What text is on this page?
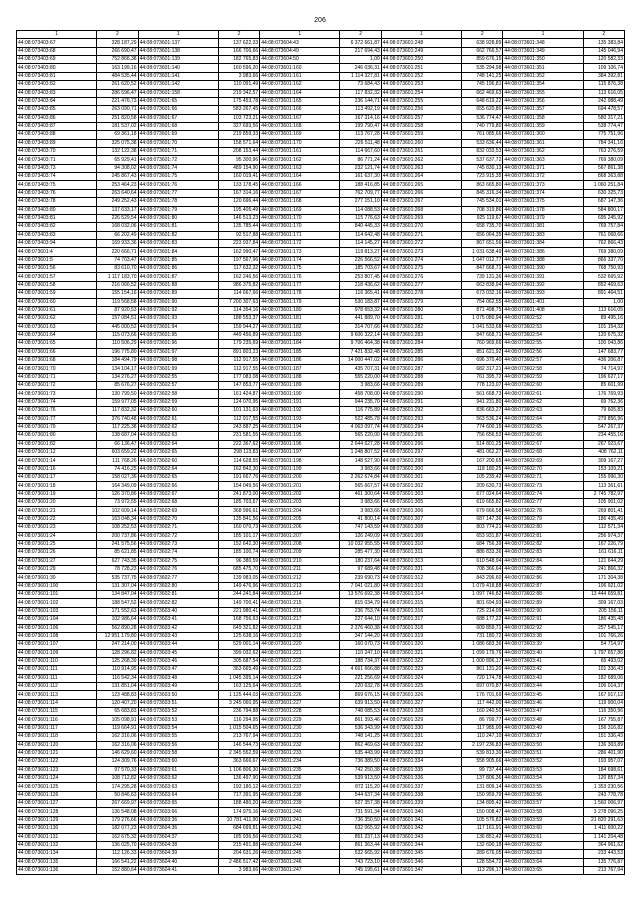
206
1	2	1	2	1	2	1	2	1	2
44:08:073403:67	328 187,29	44:08:073601:137	137 622,33	44:08:073604:43	6 372 661,87	44:08:073601:248	638 928,89	44:08:073601:348	135 383,84
44:08:073403:68	266 690,47	44:08:073601:138	166 706,66	44:08:073604:49	217 694,43	44:08:073601:249	662 766,57	44:08:073601:349	145 046,94
44:08:073403:69	752 866,38	44:08:073601:139	182 765,83	44:08:073604:50	1,00	44:08:073601:250	859 676,15	44:08:073601:350	120 582,33
44:08:073403:80	163 199,16	44:08:073601:140	160 596,20	44:08:073601:160	246 036,31	44:08:073601:251	535 294,98	44:08:073601:351	109 106,74
44:08:073403:81	484 535,44	44:08:073601:141	3 983,66	44:08:073601:161	1 114 327,81	44:08:073601:252	748 141,25	44:08:073601:352	384 392,81
44:08:073403:82	261 620,52	44:08:073601:142	110 091,49	44:08:073601:162	73 684,43	44:08:073601:253	745 196,81	44:08:073601:354	115 876,38
44:08:073403:83	286 596,47	44:08:073601:158	219 342,57	44:08:073601:164	117 832,32	44:08:073601:254	662 469,63	44:08:073601:355	113 616,05
44:08:073403:84	221 476,73	44:08:073601:65	175 453,78	44:08:073601:165	236 144,71	44:08:073601:255	648 619,22	44:08:073601:356	242 988,49
44:08:073403:85	263 090,71	44:08:073601:66	583 267,45	44:08:073601:166	113 492,19	44:08:073601:256	655 620,80	44:08:073601:357	694 478,57
44:08:073403:86	251 820,58	44:08:073601:67	103 723,21	44:08:073601:167	167 314,16	44:08:073601:257	536 774,47	44:08:073601:358	580 317,21
44:08:073403:87	181 537,02	44:08:073601:68	327 693,56	44:08:073601:168	199 790,47	44:08:073601:258	740 779,80	44:08:073601:359	538 774,47
44:08:073403:88	69 361,18	44:08:073601:69	219 859,33	44:08:073601:169	113 767,28	44:08:073601:259	761 085,66	44:08:073601:360	775 751,96
44:08:073403:89	325 075,38	44:08:073601:70	158 571,64	44:08:073601:170	226 511,48	44:08:073601:260	533 636,44	44:08:073601:361	784 341,16
44:08:073403:70	132 122,38	44:08:073601:71	208 153,44	44:08:073601:161	114 667,60	44:08:073601:261	832 033,53	44:08:073601:362	763 276,59
44:08:073403:71	65 929,41	44:08:073601:72	95 300,96	44:08:073601:162	86 771,24	44:08:073601:262	537 637,72	44:08:073601:363	769 380,09
44:08:073403:73	94 308,02	44:08:073601:74	489 154,90	44:08:073601:163	232 121,74	44:08:073601:263	745 830,13	44:08:073601:371	567 861,38
44:08:073403:74	245 867,43	44:08:073601:75	160 019,41	44:08:073601:164	161 637,30	44:08:073601:264	723 915,35	44:08:073601:372	868 363,88
44:08:073403:75	253 464,23	44:08:073601:76	133 178,45	44:08:073601:166	188 416,85	44:08:073601:265	863 665,80	44:08:073601:373	1 060 251,84
44:08:073403:76	263 640,64	44:08:073601:77	167 314,16	44:08:073601:167	762 709,77	44:08:073601:266	845 316,34	44:08:073601:374	630 325,73
44:08:073403:78	249 252,43	44:08:073601:78	120 696,44	44:08:073601:168	277 151,10	44:08:073601:267	745 534,01	44:08:073601:375	687 147,36
44:08:073403:80	137 633,17	44:08:073601:79	195 405,49	44:08:073601:169	114 088,53	44:08:073601:268	708 319,86	44:08:073601:378	584 800,17
44:08:073403:81	226 529,54	44:08:073601:80	146 513,23	44:08:073601:170	115 776,63	44:08:073601:269	925 119,67	44:08:073601:379	695 245,92
44:08:073403:82	168 032,06	44:08:073601:81	135 785,44	44:08:073601:170	840 445,33	44:08:073601:270	658 735,70	44:08:073601:381	769 757,84
44:08:073403:83	66 202,49	44:08:073601:82	92 517,88	44:08:073601:171	114 642,48	44:08:073601:271	656 064,35	44:08:073601:383	761 068,66
44:08:073403:94	169 933,36	44:08:073601:83	223 937,84	44:08:073601:172	114 145,27	44:08:073601:272	867 651,56	44:08:073601:384	762 866,43
44:08:073601:4	220 666,71	44:08:073601:84	162 990,47	44:08:073601:173	119 813,27	44:08:073601:273	1 031 638,49	44:08:073601:386	769 380,09
44:08:073601:5	74 703,47	44:08:073601:85	197 567,96	44:08:073601:174	226 566,52	44:08:073601:274	1 047 012,77	44:08:073601:388	866 337,70
44:08:073601:56	83 610,70	44:08:073601:86	117 632,32	44:08:073601:175	185 703,67	44:08:073601:275	847 668,71	44:08:073601:390	768 750,93
44:08:073601:57	1 117 183,70	44:08:073601:87	162 246,56	44:08:073601:176	253 807,45	44:08:073601:276	739 131,36	44:08:073601:391	532 665,92
44:08:073601:58	216 066,52	44:08:073601:88	986 375,82	44:08:073601:177	218 436,62	44:08:073601:277	663 838,94	44:08:073601:392	852 469,63
44:08:073601:59	155 154,16	44:08:073601:89	114 667,66	44:08:073601:178	116 365,41	44:08:073601:278	673 032,16	44:08:073601:393	891 464,51
44:08:073601:60	119 568,58	44:08:073601:90	7 200 307,63	44:08:073601:179	530 183,87	44:08:073601:279	754 062,55	44:08:073601:401	1,00
44:08:073601:61	87 920,53	44:08:073601:92	114 354,16	44:08:073601:180	978 653,32	44:08:073601:280	871 498,75	44:08:073601:408	113 616,05
44:08:073601:62	157 084,51	44:08:073601:93	188 553,37	44:08:073601:181	441 889,70	44:08:073601:281	1 075 080,94	44:08:073602:52	89 495,16
44:08:073601:63	445 000,52	44:08:073601:94	159 944,27	44:08:073601:182	314 707,66	44:08:073601:282	1 041 533,68	44:08:073602:53	101 154,32
44:08:073601:64	115 073,66	44:08:073601:95	449 456,89	44:08:073601:183	9 606 322,14	44:08:073601:283	847 668,71	44:08:073602:54	120 675,32
44:08:073601:65	110 506,29	44:08:073601:96	179 235,69	44:08:073601:184	9 706 464,38	44:08:073601:284	760 969,66	44:08:073602:55	100 043,86
44:08:073601:66	196 775,80	44:08:073601:97	891 803,23	44:08:073601:185	7 421 832,48	44:08:073601:285	851 621,92	44:08:073602:56	147 683,77
44:08:073601:68	184 494,79	44:08:073601:98	112 917,55	44:08:073601:186	14 000 447,02	44:08:073601:286	696 370,40	44:08:073602:57	436 206,87
44:08:073601:70	134 104,17	44:08:073601:99	112 917,55	44:08:073601:187	435 707,31	44:08:073601:287	682 317,21	44:08:073602:58	74 714,97
44:08:073601:71	134 276,27	44:08:073602:55	177 083,08	44:08:073601:188	555 220,00	44:08:073601:288	761 395,72	44:08:073602:59	196 627,17
44:08:073601:72	85 676,27	44:08:073602:57	147 853,77	44:08:073601:189	3 983,66	44:08:073601:289	778 123,07	44:08:073602:60	85 601,99
44:08:073601:73	130 799,50	44:08:073602:58	161 424,87	44:08:073601:190	458 708,00	44:08:073601:290	561 668,73	44:08:073602:61	176 769,93
44:08:073601:74	159 977,05	44:08:073602:59	124 070,95	44:08:073601:191	944 235,70	44:08:073601:291	941 231,80	44:08:073602:62	69 762,36
44:08:073601:76	117 832,32	44:08:073602:60	101 131,63	44:08:073601:192	116 775,89	44:08:073601:292	836 663,27	44:08:073602:63	79 605,83
44:08:073601:77	376 740,48	44:08:073602:61	112 917,55	44:08:073601:193	522 485,78	44:08:073601:293	563 536,24	44:08:073602:64	279 856,96
44:08:073601:79	117 225,38	44:08:073602:62	243 887,25	44:08:073601:194	4 063 097,74	44:08:073601:294	774 600,15	44:08:073602:65	547 267,37
44:08:073601:80	138 687,04	44:08:073602:63	231 581,55	44:08:073601:195	565 220,00	44:08:073601:295	756 656,53	44:08:073602:66	234 455,16
44:08:073601:82	66 136,47	44:08:073602:64	222 367,62	44:08:073601:196	2 644 627,28	44:08:073601:296	514 801,25	44:08:073602:67	267 923,67
44:08:073601:12	603 659,22	44:08:073602:65	298 113,83	44:08:073601:197	1 248 807,52	44:08:073601:297	481 062,27	44:08:073602:68	408 762,11
44:08:073601:14	111 768,26	44:08:073602:60	114 628,55	44:08:073601:198	148 527,90	44:08:073601:298	167 200,65	44:08:073602:69	309 167,27
44:08:073601:16	74 416,25	44:08:073602:64	162 842,30	44:08:073601:199	3 983,66	44:08:073601:300	118 180,25	44:08:073602:70	153 109,21
44:08:073601:17	158 027,36	44:08:073602:65	191 667,76	44:08:073601:200	2 262 674,84	44:08:073601:301	105 239,42	44:08:073602:71	155 996,30
44:08:073601:18	164 349,09	44:08:073602:66	154 049,56	44:08:073601:201	565 667,57	44:08:073601:302	209 630,73	44:08:073602:73	113 361,61
44:08:073601:19	126 370,86	44:08:073602:67	241 873,00	44:08:073601:202	461 300,64	44:08:073601:303	677 024,64	44:08:073602:74	2 745 782,97
44:08:073601:20	73 972,55	44:08:073602:68	185 703,67	44:08:073601:203	3 983,66	44:08:073601:305	619 665,82	44:08:073602:77	105 901,02
44:08:073601:21	102 609,14	44:08:073602:69	368 996,61	44:08:073601:204	3 983,66	44:08:073601:306	679 666,58	44:08:073602:78	269 801,41
44:08:073601:22	163 048,34	44:08:073602:70	135 841,56	44:08:073601:205	41 800,14	44:08:073601:307	687 147,36	44:08:073602:79	186 435,49
44:08:073601:23	108 252,53	44:08:073602:71	160 070,73	44:08:073601:206	747 143,59	44:08:073601:308	803 774,21	44:08:073602:80	112 571,34
44:08:073601:24	200 737,86	44:08:073602:72	185 101,17	44:08:073601:207	126 249,09	44:08:073601:309	653 931,87	44:08:073602:81	256 974,37
44:08:073601:25	241 575,56	44:08:073602:73	152 642,30	44:08:073601:208	10 032 955,55	44:08:073601:310	684 756,39	44:08:073602:82	167 226,79
44:08:073601:26	85 621,85	44:08:073602:74	185 100,74	44:08:073601:209	285 477,30	44:08:073601:311	886 833,36	44:08:073602:83	161 616,11
44:08:073601:27	627 743,35	44:08:073602:75	96 380,59	44:08:073601:210	180 237,64	44:08:073601:313	610 548,94	44:08:073602:84	121 644,29
44:08:073601:29	78 728,23	44:08:073602:76	685 475,70	44:08:073601:211	97 689,48	44:08:073601:331	708 366,64	44:08:073602:85	241 866,32
44:08:073601:30	535 737,75	44:08:073602:77	139 983,05	44:08:073601:212	239 690,73	44:08:073601:312	843 296,60	44:08:073602:86	171 304,38
44:08:073601:100	131 307,04	44:08:073602:80	149 476,96	44:08:073601:213	7 041 021,80	44:08:073601:313	1 079 418,88	44:08:073602:87	106 921,02
44:08:073601:101	134 847,04	44:08:073602:81	244 241,84	44:08:073601:214	13 576 692,38	44:08:073601:314	1 097 746,82	44:08:073602:88	13 444 659,81
44:08:073601:102	188 547,52	44:08:073602:82	149 700,41	44:08:073601:215	815 034,79	44:08:073601:315	801 694,93	44:08:073602:89	309 167,03
44:08:073601:103	171 552,63	44:08:073603:40	221 980,41	44:08:073601:216	236 753,74	44:08:073601:316	725 214,09	44:08:073602:90	205 156,11
44:08:073601:104	102 986,64	44:08:073603:41	168 756,63	44:08:073601:217	227 644,10	44:08:073601:317	688 177,22	44:08:073602:91	186 435,48
44:08:073601:106	562 890,28	44:08:073603:42	649 321,82	44:08:073601:218	2 376 460,38	44:08:073601:318	609 859,71	44:08:073602:92	257 545,17
44:08:073601:108	12 951 179,80	44:08:073603:43	125 638,16	44:08:073601:219	347 144,20	44:08:073601:319	731 180,72	44:08:073603:38	101 766,26
44:08:073601:107	247 214,00	44:08:073603:44	529 001,14	44:08:073601:220	160 070,73	44:08:073601:320	1 086 683,36	44:08:073603:39	54 714,97
44:08:073601:109	128 296,82	44:08:073603:45	399 032,62	44:08:073601:221	110 247,10	44:08:073601:321	1 099 179,76	44:08:073603:40	1 797 657,86
44:08:073601:110	125 268,39	44:08:073603:46	305 687,54	44:08:073601:222	188 734,37	44:08:073601:322	1 000 896,17	44:08:073603:41	65 493,02
44:08:073601:111	110 914,95	44:08:073603:47	363 665,49	44:08:073601:223	4 661 666,88	44:08:073601:323	861 131,20	44:08:073603:42	101 336,43
44:08:073601:111	116 542,34	44:08:073603:48	1 045 395,14	44:08:073601:224	221 256,69	44:08:073601:324	720 174,78	44:08:073603:43	182 689,06
44:08:073601:112	131 851,04	44:08:073603:49	163 125,64	44:08:073601:225	220 632,78	44:08:073601:325	697 070,87	44:08:073603:44	106 014,37
44:08:073601:113	123 488,83	44:08:073603:50	1 125 444,03	44:08:073601:226	869 676,15	44:08:073601:326	176 701,69	44:08:073603:45	167 917,12
44:08:073601:114	120 407,20	44:08:073603:51	3 245 060,95	44:08:073601:227	639 913,50	44:08:073601:327	117 442,00	44:08:073603:46	119 900,04
44:08:073601:115	65 683,83	44:08:073603:52	236 794,88	44:08:073601:228	748 085,53	44:08:073601:328	160 240,50	44:08:073603:47	116 350,96
44:08:073601:116	105 098,91	44:08:073603:53	116 294,95	44:08:073601:229	861 393,46	44:08:073601:329	86 799,77	44:08:073603:48	167 755,87
44:08:073601:117	119 664,91	44:08:073603:54	1 015 504,65	44:08:073601:230	536 343,99	44:08:073601:330	117 985,00	44:08:073603:49	156 316,82
44:08:073601:118	162 316,06	44:08:073603:55	213 767,94	44:08:073601:231	748 141,25	44:08:073601:331	110 247,10	44:08:073603:37	151 336,43
44:08:073601:120	162 316,06	44:08:073603:56	146 544,73	44:08:073601:232	862 469,63	44:08:073601:332	2 197 236,83	44:08:073603:50	136 303,89
44:08:073601:121	146 629,60	44:08:073603:58	2 345 552,59	44:08:073601:233	535 443,99	44:08:073601:333	539 813,30	44:08:073603:51	286 401,90
44:08:073601:122	124 309,76	44:08:073603:60	363 666,67	44:08:073601:234	736 389,50	44:08:073601:334	558 905,66	44:08:073603:52	193 957,07
44:08:073601:123	97 570,33	44:08:073603:61	1 106 806,30	44:08:073601:235	742 250,38	44:08:073601:335	99 737,44	44:08:073603:53	184 698,61
44:08:073601:124	108 712,82	44:08:073603:62	136 497,90	44:08:073601:236	539 913,50	44:08:073601:336	137 806,36	44:08:073603:54	120 857,34
44:08:073601:125	174 295,28	44:08:073603:63	193 180,12	44:08:073601:237	872 115,20	44:08:073601:337	131 809,14	44:08:073603:55	1 353 230,56
44:08:073601:126	50 846,63	44:08:073603:64	717 391,95	44:08:073601:238	544 637,34	44:08:073601:338	150 959,79	44:08:073603:56	243 778,78
44:08:073601:127	267 669,97	44:08:073603:65	188 480,20	44:08:073601:239	527 357,38	44:08:073601:339	134 895,42	44:08:073603:57	1 560 006,97
44:08:073601:128	136 548,08	44:08:073603:66	174 975,16	44:08:073601:240	731 591,34	44:08:073601:340	150 008,47	44:08:073603:58	3 278 096,25
44:08:073601:129	179 276,66	44:08:073603:36	10 781 411,90	44:08:073601:241	736 350,50	44:08:073601:341	105 576,82	44:08:073603:59	21 820 291,63
44:08:073601:130	182 077,23	44:08:073604:36	684 699,81	44:08:073601:242	632 065,92	44:08:073601:342	117 161,91	44:08:073603:60	1 411 600,22
44:08:073601:131	162 675,32	44:08:073604:37	185 936,56	44:08:073601:243	851 237,13	44:08:073601:343	136 851,42	44:08:073603:61	1 141 204,48
44:08:073601:132	136 025,70	44:08:073604:38	215 491,88	44:08:073601:244	861 363,44	44:08:073601:344	132 690,18	44:08:073603:62	364 961,62
44:08:073601:134	112 126,33	44:08:073604:39	204 631,26	44:08:073601:245	532 665,92	44:08:073601:345	289 676,05	44:08:073603:63	233 443,53
44:08:073601:135	166 541,22	44:08:073604:40	2 486 517,42	44:08:073601:246	743 723,10	44:08:073601:346	128 554,72	44:08:073603:64	135 776,87
44:08:073601:136	152 880,64	44:08:073604:41	3 983,66	44:08:073601:247	745 195,61	44:08:073601:347	113 296,17	44:08:073603:65	213 767,94
